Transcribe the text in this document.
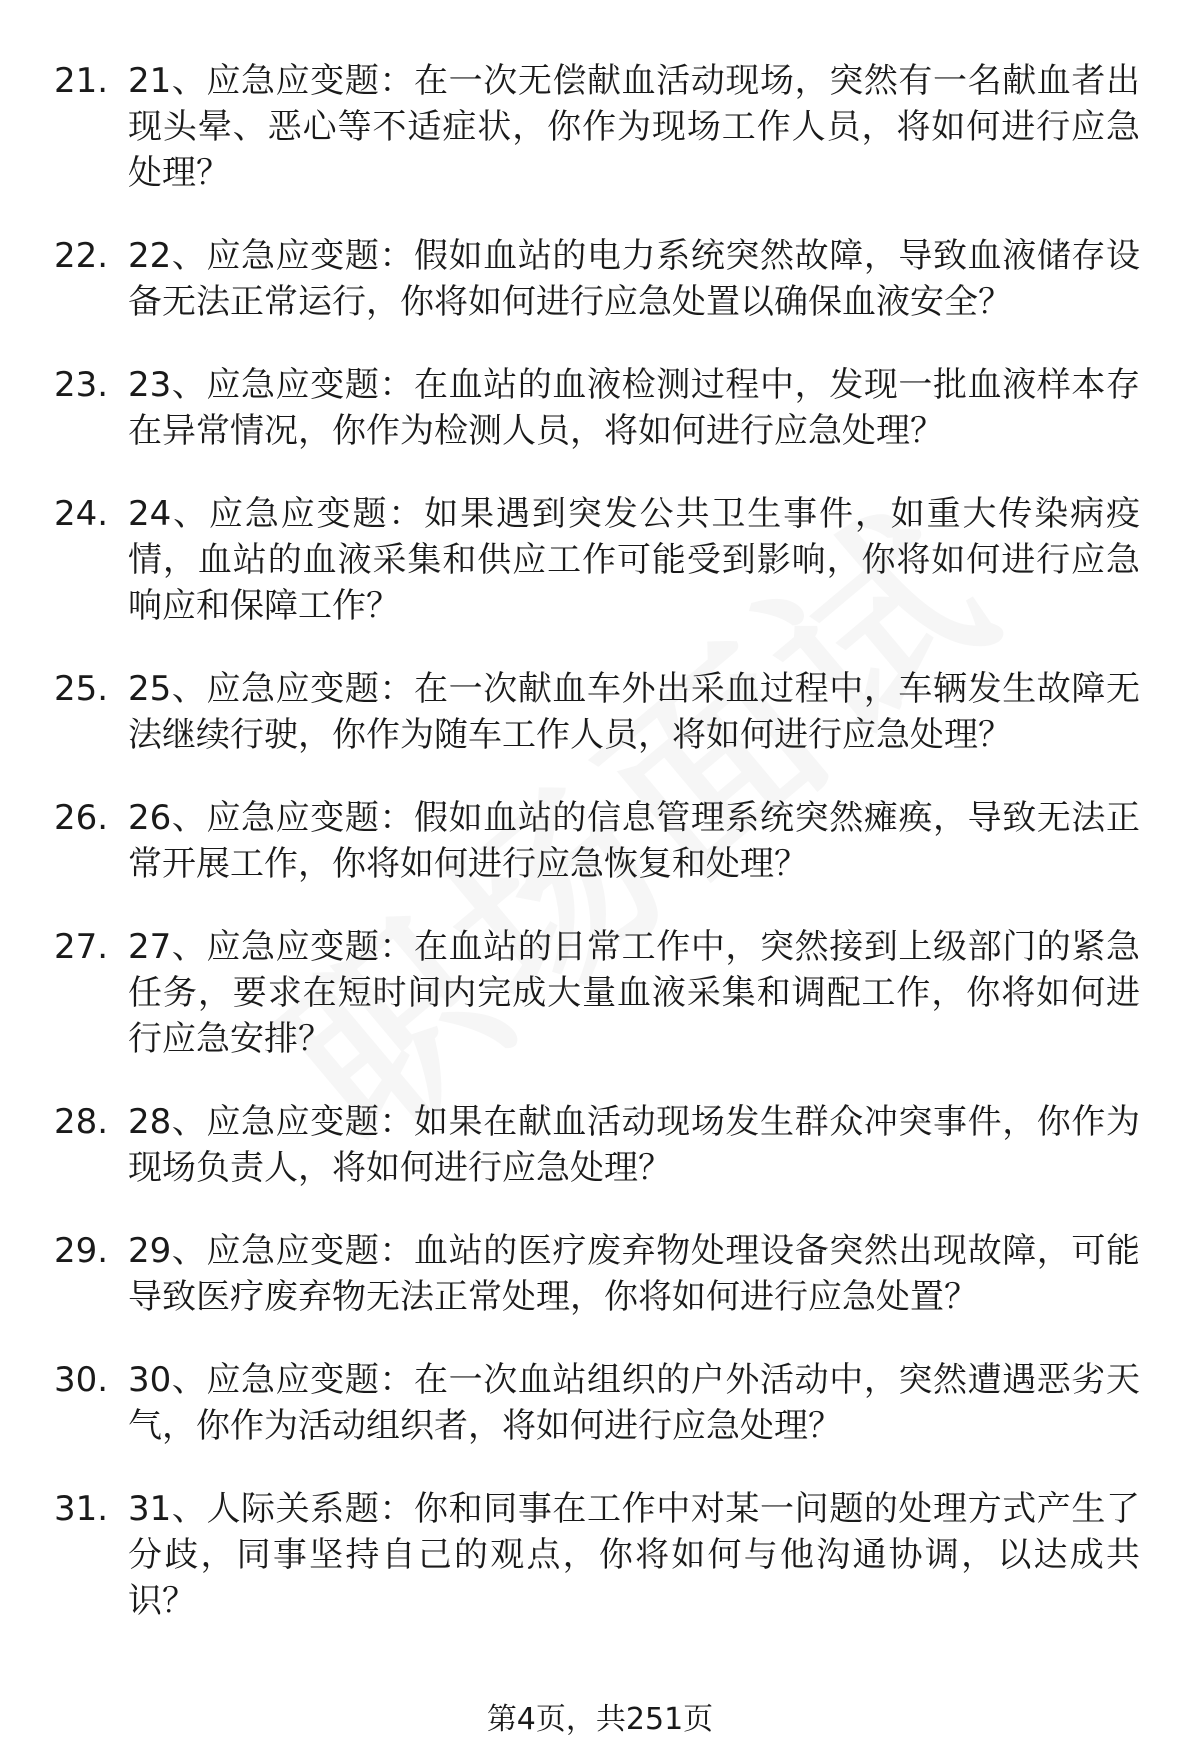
21. 21、应急应变题：在一次无偿献血活动现场，突然有一名献血者出现头晕、恶心等不适症状，你作为现场工作人员，将如何进行应急处理？
22. 22、应急应变题：假如血站的电力系统突然故障，导致血液储存设备无法正常运行，你将如何进行应急处置以确保血液安全？
23. 23、应急应变题：在血站的血液检测过程中，发现一批血液样本存在异常情况，你作为检测人员，将如何进行应急处理？
24. 24、应急应变题：如果遇到突发公共卫生事件，如重大传染病疫情，血站的血液采集和供应工作可能受到影响，你将如何进行应急响应和保障工作？
25. 25、应急应变题：在一次献血车外出采血过程中，车辆发生故障无法继续行驶，你作为随车工作人员，将如何进行应急处理？
26. 26、应急应变题：假如血站的信息管理系统突然瘫痪，导致无法正常开展工作，你将如何进行应急恢复和处理？
27. 27、应急应变题：在血站的日常工作中，突然接到上级部门的紧急任务，要求在短时间内完成大量血液采集和调配工作，你将如何进行应急安排？
28. 28、应急应变题：如果在献血活动现场发生群众冲突事件，你作为现场负责人，将如何进行应急处理？
29. 29、应急应变题：血站的医疗废弃物处理设备突然出现故障，可能导致医疗废弃物无法正常处理，你将如何进行应急处置？
30. 30、应急应变题：在一次血站组织的户外活动中，突然遭遇恶劣天气，你作为活动组织者，将如何进行应急处理？
31. 31、人际关系题：你和同事在工作中对某一问题的处理方式产生了分歧，同事坚持自己的观点，你将如何与他沟通协调，以达成共识？
第4页，共251页
